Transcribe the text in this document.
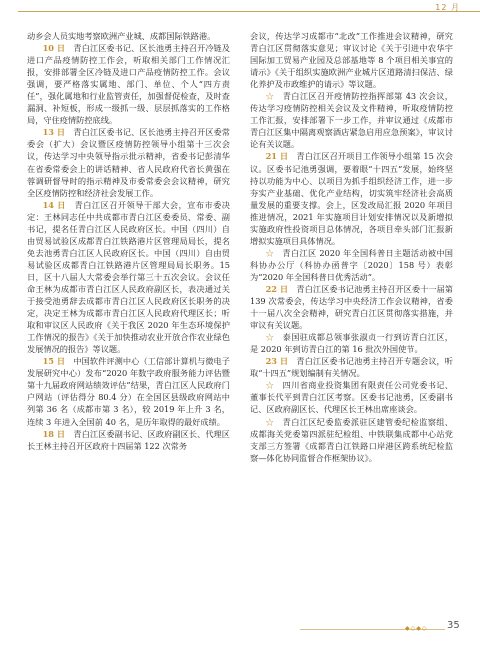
12 月

动乡会人员实地考察欧洲产业城、成都国际铁路港。

10 日  青白江区委书记、区长池勇主持召开冷链及进口产品疫情防控工作会，听取相关部门工作情况汇报，安排部署全区冷链及进口产品疫情防控工作。会议强调，要严格落实属地、部门、单位、个人“四方责任”，强化属地和行业监管责任，加强督促检查，及时查漏洞、补短板，形成一级抓一级、层层抓落实的工作格局，守住疫情防控底线。

13 日  青白江区委书记、区长池勇主持召开区委常委会（扩大）会议暨区疫情防控领导小组第十三次会议，传达学习中央领导指示批示精神，省委书记彭清华在省委常委会上的讲话精神、省人民政府代省长黄强在蓉调研督导时的指示精神及市委常委会会议精神，研究全区疫情防控和经济社会发展工作。

14 日  青白江区召开领导干部大会，宣布市委决定：王林同志任中共成都市青白江区委委员、常委、副书记，提名任青白江区人民政府区长。中国（四川）自由贸易试验区成都青白江铁路港片区管理局局长，提名免去池勇青白江区人民政府区长。中国（四川）自由贸易试验区成都青白江铁路港片区管理局局长职务。15 日，区十八届人大常委会举行第三十五次会议。会议任命王林为成都市青白江区人民政府副区长，表决通过关于接受池勇辞去成都市青白江区人民政府区长职务的决定，决定王林为成都市青白江区人民政府代理区长；听取和审议区人民政府《关于我区 2020 年生态环境保护工作情况的报告》《关于加快推动农业开放合作农业绿色发展情况的报告》等议题。

15 日  中国软件评测中心（工信部计算机与微电子发展研究中心）发布“2020 年数字政府服务能力评估暨第十九届政府网站绩效评估”结果，青白江区人民政府门户网站（评估得分 80.4 分）在全国区县级政府网站中列第 36 名（成都市第 3 名），较 2019 年上升 3 名，连续 3 年进入全国前 40 名，是历年取得的最好成绩。

18 日  青白江区委副书记、区政府副区长、代理区长王林主持召开区政府十四届第 122 次常务

会议，传达学习成都市“北改”工作推进会议精神，研究青白江区贯彻落实意见；审议讨论《关于引进中农华宇国际加工贸易产业园及总部基地等 8 个项目相关事宜的请示》《关于组织实施欧洲产业城片区道路清扫保洁、绿化养护及市政维护的请示》等议题。

☆  青白江区召开疫情防控指挥部第 43 次会议，传达学习疫情防控相关会议及文件精神，听取疫情防控工作汇报，安排部署下一步工作，并审议通过《成都市青白江区集中隔离观察酒店紧急启用应急预案》，审议讨论有关议题。

21 日  青白江区召开项目工作领导小组第 15 次会议。区委书记池勇强调，要着眼“十四五”发展，始终坚持以功能为中心、以项目为抓手组织经济工作，进一步夯实产业基础、优化产业结构，切实筑牢经济社会高质量发展的重要支撑。会上，区发改局汇报 2020 年项目推进情况，2021 年实施项目计划安排情况以及新增拟实施政府性投资项目总体情况，各项目牵头部门汇报新增拟实施项目具体情况。

☆  青白江区 2020 年全国科普日主题活动被中国科协办公厅（科协办函普字〔2020〕158 号）表彰为“2020 年全国科普日优秀活动”。

22 日  青白江区委书记池勇主持召开区委十一届第 139 次常委会，传达学习中央经济工作会议精神，省委十一届八次全会精神，研究青白江区贯彻落实措施，并审议有关议题。

☆  泰国驻成都总领事张淑贞一行到访青白江区，是 2020 年到访青白江的第 16 批次外国使节。

23 日  青白江区委书记池勇主持召开专题会议，听取“十四五”规划编制有关情况。

☆  四川省商业投资集团有限责任公司党委书记、董事长代平到青白江区考察。区委书记池勇，区委副书记、区政府副区长、代理区长王林出席座谈会。

☆  青白江区纪委监委派驻区建管委纪检监察组、成都海关党委第四派驻纪检组、中铁联集成都中心站党支部三方签署《成都青白江铁路口岸港区跨系统纪检监察—体化协同监督合作框架协议》。

◆◇◆◇ 35
